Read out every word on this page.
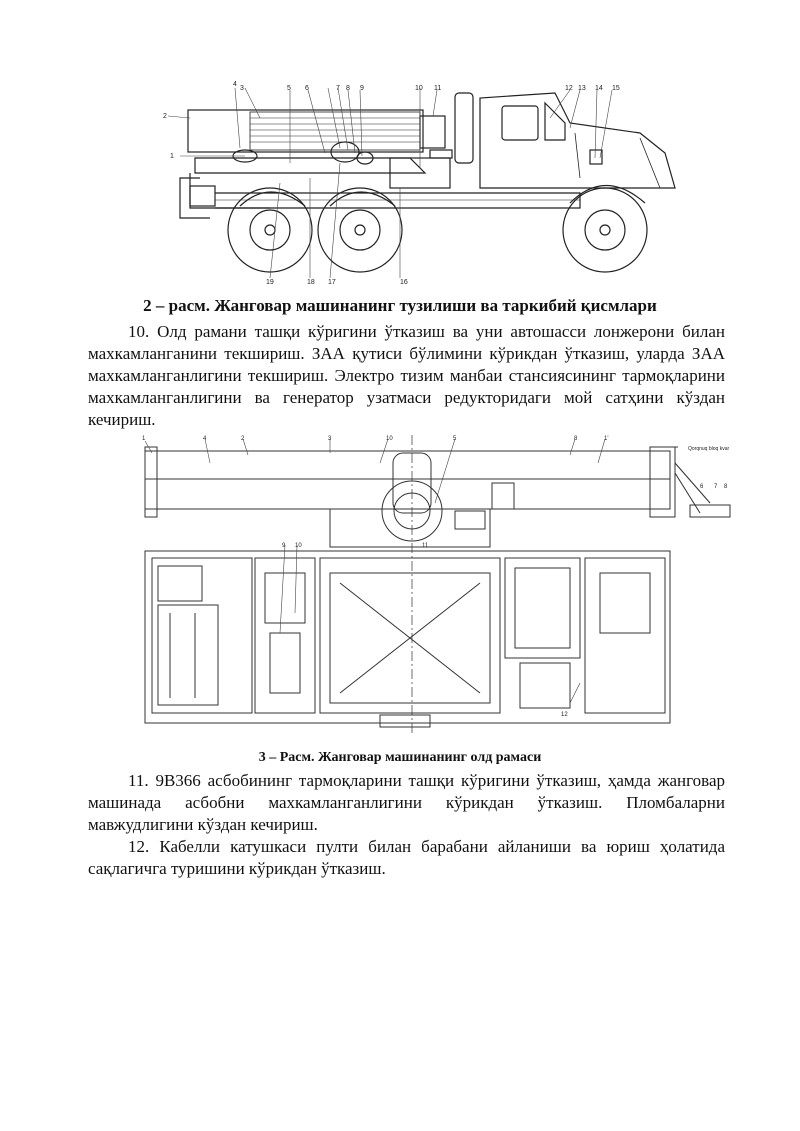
1
2
3
4
5 6	7 8 9	10 11	12 13 14 15
16
17
18
19
2 – расм. Жанговар машинанинг тузилиши ва таркибий қисмлари

10. Олд рамани ташқи кўригини ўтказиш ва уни автошасси лонжерони билан махкамланганини текшириш. ЗАА қутиси бўлимини кўрикдан ўтказиш, уларда ЗАА махкамланганлигини текшириш. Электро тизим манбаи стансиясининг тармоқларини махкамланганлигини ва генератор узатмаси редукторидаги мой сатҳини кўздан кечириш.

1	4	2	3	10	5	8	1'
6 7 8
9 10	11
12
Qorqnuq bloq kvar
3 – Расм. Жанговар машинанинг олд рамаси

11. 9В366 асбобининг тармоқларини ташқи кўригини ўтказиш, ҳамда жанговар машинада асбобни махкамланганлигини кўрикдан ўтказиш. Пломбаларни мавжудлигини кўздан кечириш.

12. Кабелли катушкаси пулти билан барабани айланиши ва юриш ҳолатида сақлагичга туришини кўрикдан ўтказиш.
